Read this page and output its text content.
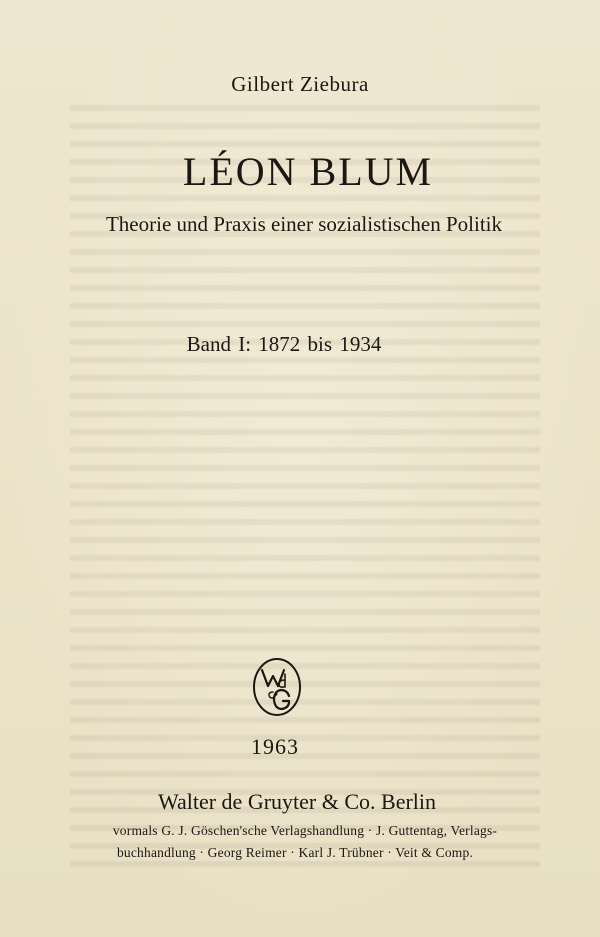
Gilbert Ziebura
LÉON BLUM
Theorie und Praxis einer sozialistischen Politik
Band I: 1872 bis 1934
1963
Walter de Gruyter & Co. Berlin
vormals G. J. Göschen'sche Verlagshandlung · J. Guttentag, Verlags-
buchhandlung · Georg Reimer · Karl J. Trübner · Veit & Comp.
